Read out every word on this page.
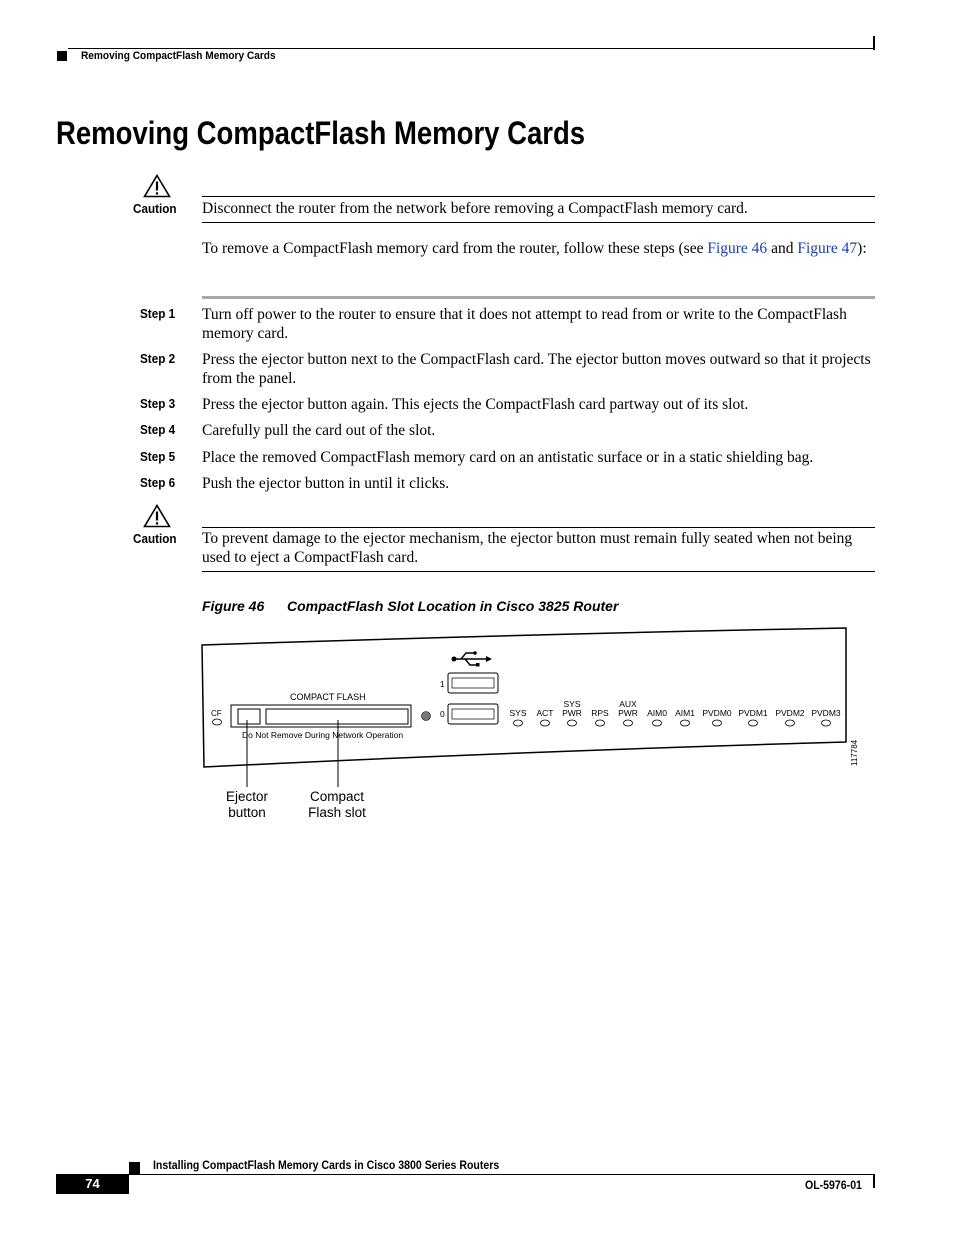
Removing CompactFlash Memory Cards
Removing CompactFlash Memory Cards
Caution Disconnect the router from the network before removing a CompactFlash memory card.
To remove a CompactFlash memory card from the router, follow these steps (see Figure 46 and Figure 47):
Step 1 Turn off power to the router to ensure that it does not attempt to read from or write to the CompactFlash memory card.
Step 2 Press the ejector button next to the CompactFlash card. The ejector button moves outward so that it projects from the panel.
Step 3 Press the ejector button again. This ejects the CompactFlash card partway out of its slot.
Step 4 Carefully pull the card out of the slot.
Step 5 Place the removed CompactFlash memory card on an antistatic surface or in a static shielding bag.
Step 6 Push the ejector button in until it clicks.
Caution To prevent damage to the ejector mechanism, the ejector button must remain fully seated when not being used to eject a CompactFlash card.
Figure 46 CompactFlash Slot Location in Cisco 3825 Router
CF
COMPACT FLASH
Do Not Remove During Network Operation
1
0	SYS ACT
SYS
PWR RPS
AUX
PWR AIM0 AIM1 PVDM0 PVDM1 PVDM2 PVDM3
117784
Ejector
button
Compact
Flash slot
Installing CompactFlash Memory Cards in Cisco 3800 Series Routers
74	OL-5976-01
